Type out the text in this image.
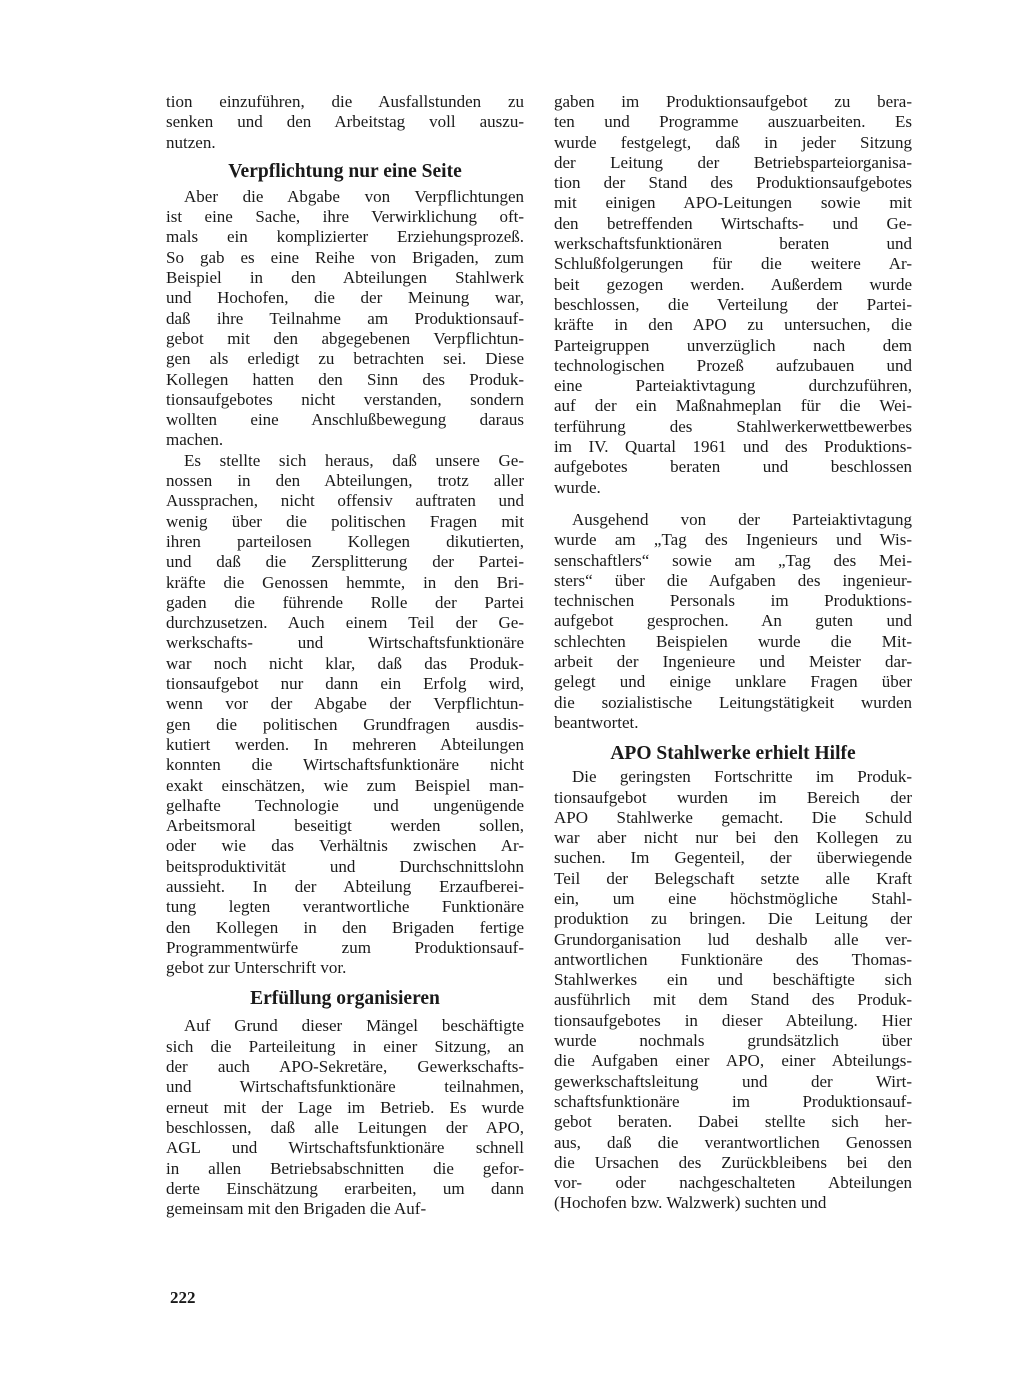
tion einzuführen, die Ausfallstunden zu
senken und den Arbeitstag voll auszu-
nutzen.
Verpflichtung nur eine Seite
Aber die Abgabe von Verpflichtungen
ist eine Sache, ihre Verwirklichung oft-
mals ein komplizierter Erziehungsprozeß.
So gab es eine Reihe von Brigaden, zum
Beispiel in den Abteilungen Stahlwerk
und Hochofen, die der Meinung war,
daß ihre Teilnahme am Produktionsauf-
gebot mit den abgegebenen Verpflichtun-
gen als erledigt zu betrachten sei. Diese
Kollegen hatten den Sinn des Produk-
tionsaufgebotes nicht verstanden, sondern
wollten eine Anschlußbewegung daraus
machen.
Es stellte sich heraus, daß unsere Ge-
nossen in den Abteilungen, trotz aller
Aussprachen, nicht offensiv auftraten und
wenig über die politischen Fragen mit
ihren parteilosen Kollegen dikutierten,
und daß die Zersplitterung der Partei-
kräfte die Genossen hemmte, in den Bri-
gaden die führende Rolle der Partei
durchzusetzen. Auch einem Teil der Ge-
werkschafts- und Wirtschaftsfunktionäre
war noch nicht klar, daß das Produk-
tionsaufgebot nur dann ein Erfolg wird,
wenn vor der Abgabe der Verpflichtun-
gen die politischen Grundfragen ausdis-
kutiert werden. In mehreren Abteilungen
konnten die Wirtschaftsfunktionäre nicht
exakt einschätzen, wie zum Beispiel man-
gelhafte Technologie und ungenügende
Arbeitsmoral beseitigt werden sollen,
oder wie das Verhältnis zwischen Ar-
beitsproduktivität und Durchschnittslohn
aussieht. In der Abteilung Erzaufberei-
tung legten verantwortliche Funktionäre
den Kollegen in den Brigaden fertige
Programmentwürfe zum Produktionsauf-
gebot zur Unterschrift vor.
Erfüllung organisieren
Auf Grund dieser Mängel beschäftigte
sich die Parteileitung in einer Sitzung, an
der auch APO-Sekretäre, Gewerkschafts-
und Wirtschaftsfunktionäre teilnahmen,
erneut mit der Lage im Betrieb. Es wurde
beschlossen, daß alle Leitungen der APO,
AGL und Wirtschaftsfunktionäre schnell
in allen Betriebsabschnitten die gefor-
derte Einschätzung erarbeiten, um dann
gemeinsam mit den Brigaden die Auf-
gaben im Produktionsaufgebot zu bera-
ten und Programme auszuarbeiten. Es
wurde festgelegt, daß in jeder Sitzung
der Leitung der Betriebsparteiorganisa-
tion der Stand des Produktionsaufgebotes
mit einigen APO-Leitungen sowie mit
den betreffenden Wirtschafts- und Ge-
werkschaftsfunktionären beraten und
Schlußfolgerungen für die weitere Ar-
beit gezogen werden. Außerdem wurde
beschlossen, die Verteilung der Partei-
kräfte in den APO zu untersuchen, die
Parteigruppen unverzüglich nach dem
technologischen Prozeß aufzubauen und
eine Parteiaktivtagung durchzuführen,
auf der ein Maßnahmeplan für die Wei-
terführung des Stahlwerkerwettbewerbes
im IV. Quartal 1961 und des Produktions-
aufgebotes beraten und beschlossen
wurde.
Ausgehend von der Parteiaktivtagung
wurde am „Tag des Ingenieurs und Wis-
senschaftlers“ sowie am „Tag des Mei-
sters“ über die Aufgaben des ingenieur-
technischen Personals im Produktions-
aufgebot gesprochen. An guten und
schlechten Beispielen wurde die Mit-
arbeit der Ingenieure und Meister dar-
gelegt und einige unklare Fragen über
die sozialistische Leitungstätigkeit wurden
beantwortet.
APO Stahlwerke erhielt Hilfe
Die geringsten Fortschritte im Produk-
tionsaufgebot wurden im Bereich der
APO Stahlwerke gemacht. Die Schuld
war aber nicht nur bei den Kollegen zu
suchen. Im Gegenteil, der überwiegende
Teil der Belegschaft setzte alle Kraft
ein, um eine höchstmögliche Stahl-
produktion zu bringen. Die Leitung der
Grundorganisation lud deshalb alle ver-
antwortlichen Funktionäre des Thomas-
Stahlwerkes ein und beschäftigte sich
ausführlich mit dem Stand des Produk-
tionsaufgebotes in dieser Abteilung. Hier
wurde nochmals grundsätzlich über
die Aufgaben einer APO, einer Abteilungs-
gewerkschaftsleitung und der Wirt-
schaftsfunktionäre im Produktionsauf-
gebot beraten. Dabei stellte sich her-
aus, daß die verantwortlichen Genossen
die Ursachen des Zurückbleibens bei den
vor- oder nachgeschalteten Abteilungen
(Hochofen bzw. Walzwerk) suchten und
222
